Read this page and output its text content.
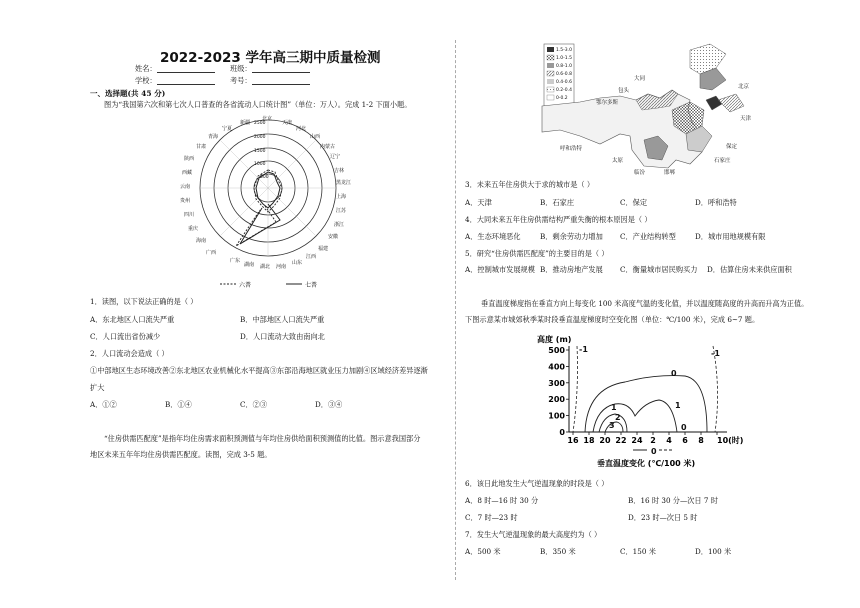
2022-2023 学年高三期中质量检测
姓名：	班级：
学校：	考号：
一、选择题(共 45 分)
图为“我国第六次和第七次人口普查的各省流动人口统计图”（单位：万人）。完成 1-2 下面小题。
北京
天津
河北
山西
内蒙古
辽宁
吉林
黑龙江
上海
江苏
浙江
安徽
福建
江西
山东
河南
湖北
湖南
广东
广西
海南
重庆
四川
贵州
云南
西藏
陕西
甘肃
青海
宁夏
新疆 2500
2000
1500
1000
500
六普	七普
1．读图，以下说法正确的是（ ）
A．东北地区人口流失严重	B．中部地区人口流失严重
C．人口流出省份减少	D．人口流动大致由南向北
2．人口流动会造成（ ）
①中部地区生态环境改善②东北地区农业机械化水平提高③东部沿海地区就业压力加剧④区域经济差异逐渐
扩大
A．①②	B．①④	C．②③	D．③④
“住房供需匹配度”是指年均住房需求面积预测值与年均住房供给面积预测值的比值。图示意我国部分
地区未来五年年均住房供需匹配度。读图，完成 3-5 题。
1.5-3.0
1.0-1.5
0.8-1.0
0.6-0.8
0.4-0.6
0.2-0.4
0-0.2
北京
大同
包头
鄂尔多斯
天津
保定
石家庄
呼和浩特
太原
临汾	邯郸
3．未来五年住房供大于求的城市是（ ）
A．天津	B．石家庄	C．保定	D．呼和浩特
4．大同未来五年住房供需结构严重失衡的根本原因是（ ）
A．生态环境恶化	B．剩余劳动力增加 C．产业结构转型	D．城市用地规模有限
5．研究“住房供需匹配度”的主要目的是（ ）
A．控制城市发展规模 B．推动房地产发展 C．衡量城市居民购买力 D．估算住房未来供应面积
垂直温度梯度指在垂直方向上每变化 100 米高度气温的变化值，并以温度随高度的升高而升高为正值。
下图示意某市城郊秋季某时段垂直温度梯度时空变化图（单位：℃/100 米），完成 6~7 题。
高度 (m)
0
100
200
300
400
500
16 18 20 22 24 2 4 6 8 10(时)
-1	-1
0
1
2
3
1
0
0
垂直温度变化 (℃/100 米)
6．该日此地发生大气逆温现象的时段是（ ）
A．8 时—16 时 30 分	B．16 时 30 分—次日 7 时
C．7 时—23 时	D．23 时—次日 5 时
7．发生大气逆温现象的最大高度约为（ ）
A．500 米	B．350 米	C．150 米	D．100 米
